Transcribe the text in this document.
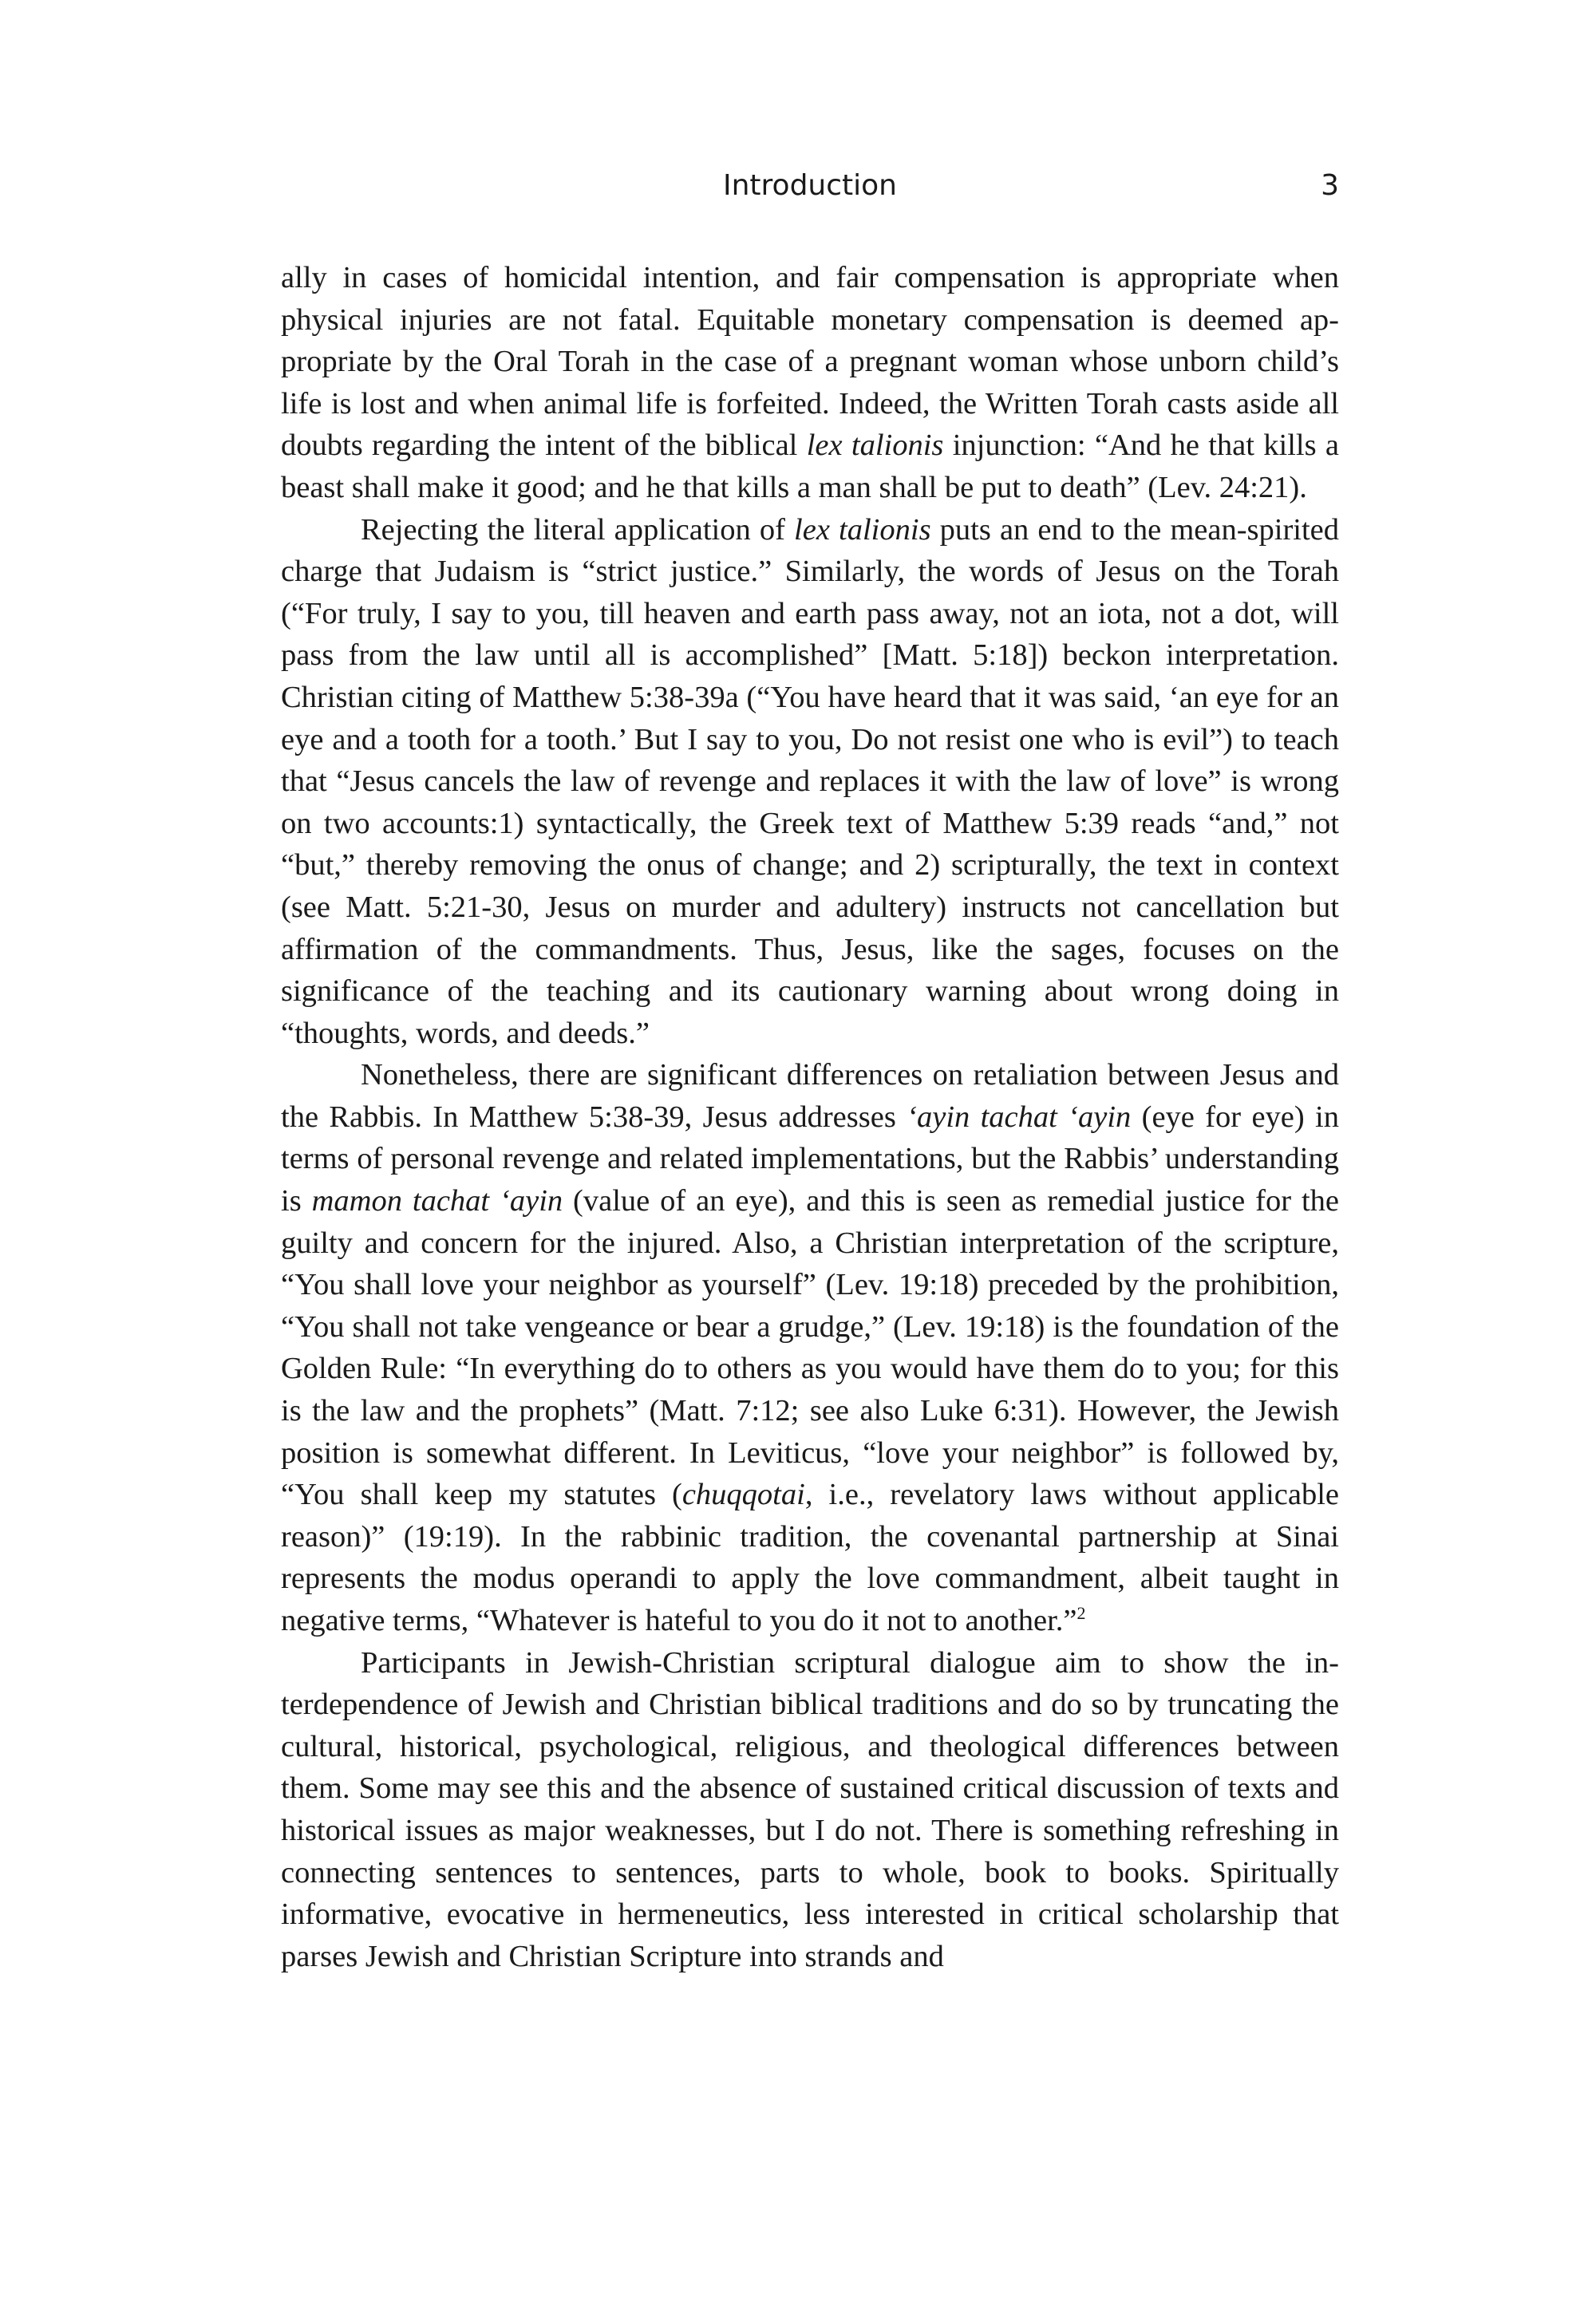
Introduction	3

ally in cases of homicidal intention, and fair compensation is appropriate when physical injuries are not fatal. Equitable monetary compensation is deemed appropriate by the Oral Torah in the case of a pregnant woman whose unborn child’s life is lost and when animal life is forfeited. Indeed, the Written Torah casts aside all doubts regarding the intent of the biblical lex talionis injunction: “And he that kills a beast shall make it good; and he that kills a man shall be put to death” (Lev. 24:21).

Rejecting the literal application of lex talionis puts an end to the mean-spirited charge that Judaism is “strict justice.” Similarly, the words of Jesus on the Torah (“For truly, I say to you, till heaven and earth pass away, not an iota, not a dot, will pass from the law until all is accomplished” [Matt. 5:18]) beckon interpretation. Christian citing of Matthew 5:38-39a (“You have heard that it was said, ‘an eye for an eye and a tooth for a tooth.’ But I say to you, Do not resist one who is evil”) to teach that “Jesus cancels the law of revenge and replaces it with the law of love” is wrong on two accounts:1) syntactically, the Greek text of Matthew 5:39 reads “and,” not “but,” thereby removing the onus of change; and 2) scripturally, the text in context (see Matt. 5:21-30, Jesus on murder and adultery) instructs not cancellation but affirmation of the commandments. Thus, Jesus, like the sages, focuses on the significance of the teaching and its cautionary warning about wrong doing in “thoughts, words, and deeds.”

Nonetheless, there are significant differences on retaliation between Jesus and the Rabbis. In Matthew 5:38-39, Jesus addresses ‘ayin tachat ‘ayin (eye for eye) in terms of personal revenge and related implementations, but the Rabbis’ understanding is mamon tachat ‘ayin (value of an eye), and this is seen as remedial justice for the guilty and concern for the injured. Also, a Christian interpretation of the scripture, “You shall love your neighbor as yourself” (Lev. 19:18) preceded by the prohibition, “You shall not take vengeance or bear a grudge,” (Lev. 19:18) is the foundation of the Golden Rule: “In everything do to others as you would have them do to you; for this is the law and the prophets” (Matt. 7:12; see also Luke 6:31). However, the Jewish position is somewhat different. In Leviticus, “love your neighbor” is followed by, “You shall keep my statutes (chuqqotai, i.e., revelatory laws without applicable reason)” (19:19). In the rabbinic tradition, the covenantal partnership at Sinai represents the modus operandi to apply the love commandment, albeit taught in negative terms, “Whatever is hateful to you do it not to another.”$^2$

Participants in Jewish-Christian scriptural dialogue aim to show the interdependence of Jewish and Christian biblical traditions and do so by truncating the cultural, historical, psychological, religious, and theological differences between them. Some may see this and the absence of sustained critical discussion of texts and historical issues as major weaknesses, but I do not. There is something refreshing in connecting sentences to sentences, parts to whole, book to books. Spiritually informative, evocative in hermeneutics, less interested in critical scholarship that parses Jewish and Christian Scripture into strands and
